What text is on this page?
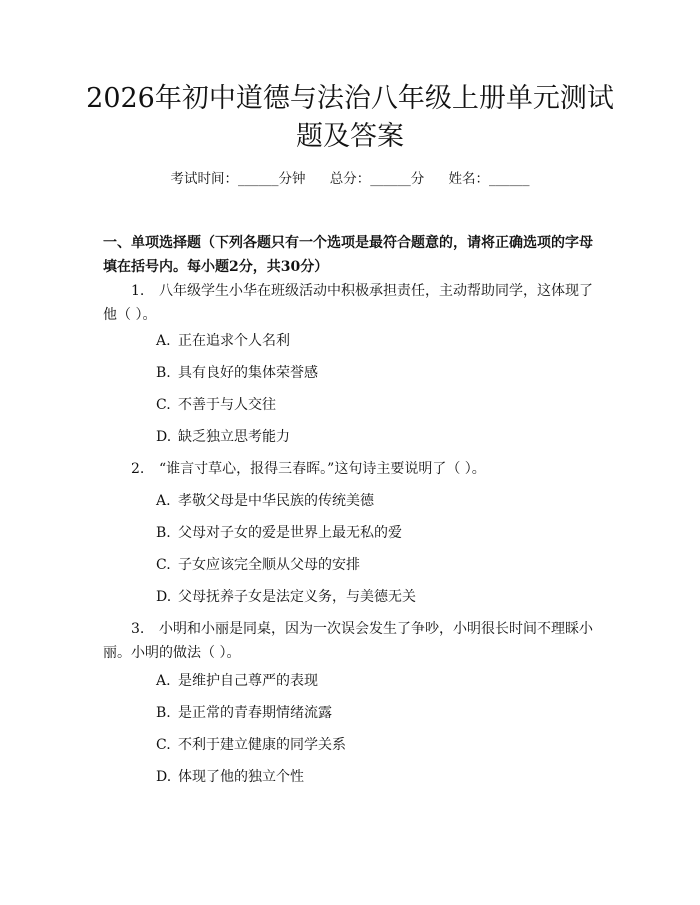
2026年初中道德与法治八年级上册单元测试
题及答案
考试时间：______分钟 总分：______分 姓名：______
一、单项选择题（下列各题只有一个选项是最符合题意的，请将正确选项的字母填在括号内。每小题2分，共30分）
1. 八年级学生小华在班级活动中积极承担责任，主动帮助同学，这体现了他（ ）。
A. 正在追求个人名利
B. 具有良好的集体荣誉感
C. 不善于与人交往
D. 缺乏独立思考能力
2. “谁言寸草心，报得三春晖。”这句诗主要说明了（ ）。
A. 孝敬父母是中华民族的传统美德
B. 父母对子女的爱是世界上最无私的爱
C. 子女应该完全顺从父母的安排
D. 父母抚养子女是法定义务，与美德无关
3. 小明和小丽是同桌，因为一次误会发生了争吵，小明很长时间不理睬小丽。小明的做法（ ）。
A. 是维护自己尊严的表现
B. 是正常的青春期情绪流露
C. 不利于建立健康的同学关系
D. 体现了他的独立个性
